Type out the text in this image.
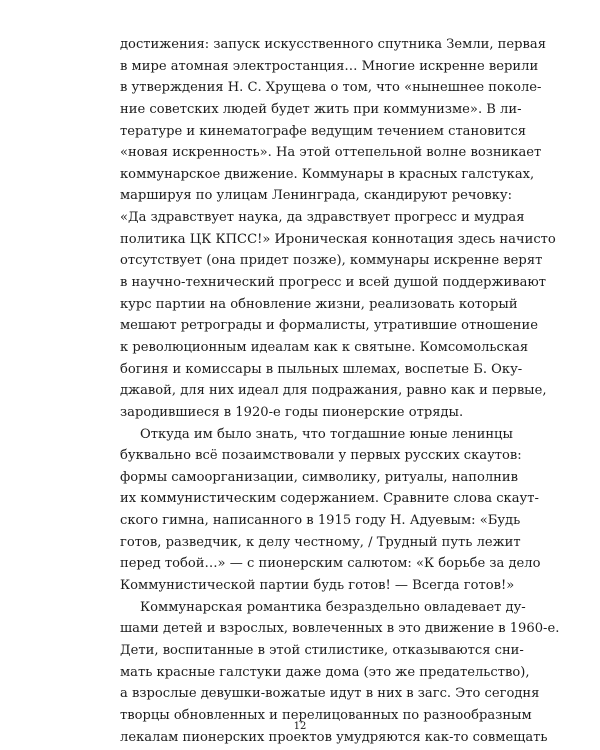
достижения: запуск искусственного спутника Земли, первая
в мире атомная электростанция… Многие искренне верили
в утверждения Н. С. Хрущева о том, что «нынешнее поколе-
ние советских людей будет жить при коммунизме». В ли-
тературе и кинематографе ведущим течением становится
«новая искренность». На этой оттепельной волне возникает
коммунарское движение. Коммунары в красных галстуках,
маршируя по улицам Ленинграда, скандируют речовку:
«Да здравствует наука, да здравствует прогресс и мудрая
политика ЦК КПСС!» Ироническая коннотация здесь начисто
отсутствует (она придет позже), коммунары искренне верят
в научно-технический прогресс и всей душой поддерживают
курс партии на обновление жизни, реализовать который
мешают ретрограды и формалисты, утратившие отношение
к революционным идеалам как к святыне. Комсомольская
богиня и комиссары в пыльных шлемах, воспетые Б. Оку-
джавой, для них идеал для подражания, равно как и первые,
зародившиеся в 1920-е годы пионерские отряды.
Откуда им было знать, что тогдашние юные ленинцы
буквально всё позаимствовали у первых русских скаутов:
формы самоорганизации, символику, ритуалы, наполнив
их коммунистическим содержанием. Сравните слова скаут-
ского гимна, написанного в 1915 году Н. Адуевым: «Будь
готов, разведчик, к делу честному, / Трудный путь лежит
перед тобой…» — с пионерским салютом: «К борьбе за дело
Коммунистической партии будь готов! — Всегда готов!»
Коммунарская романтика безраздельно овладевает ду-
шами детей и взрослых, вовлеченных в это движение в 1960-е.
Дети, воспитанные в этой стилистике, отказываются сни-
мать красные галстуки даже дома (это же предательство),
а взрослые девушки-вожатые идут в них в загс. Это сегодня
творцы обновленных и перелицованных по разнообразным
лекалам пионерских проектов умудряются как-то совмещать
12
